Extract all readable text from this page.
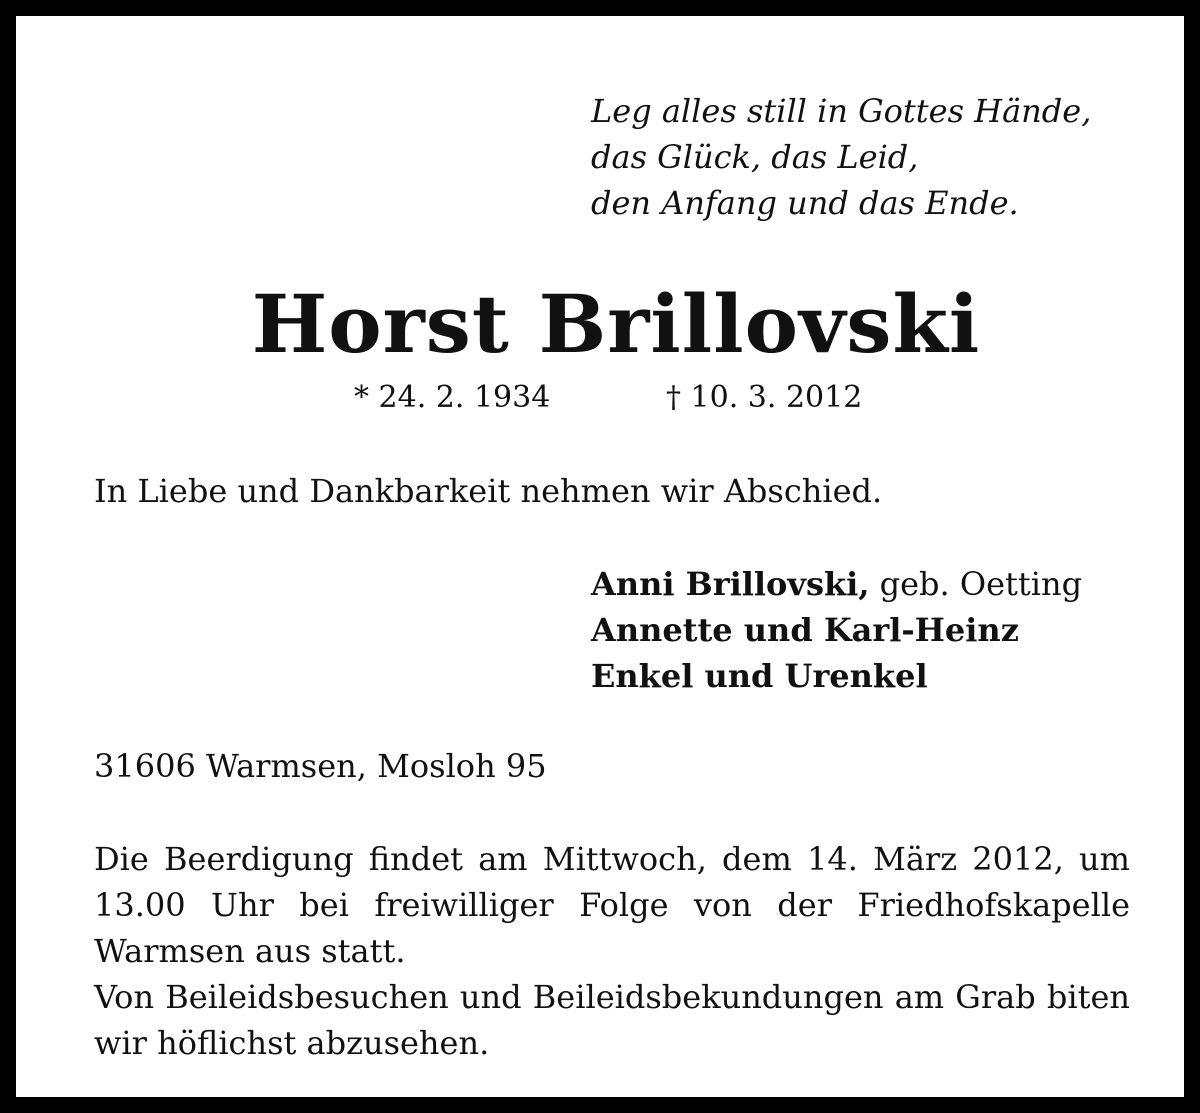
Leg alles still in Gottes Hände,
das Glück, das Leid,
den Anfang und das Ende.
Horst Brillovski
* 24. 2. 1934	† 10. 3. 2012

In Liebe und Dankbarkeit nehmen wir Abschied.

Anni Brillovski, geb. Oetting
Annette und Karl-Heinz
Enkel und Urenkel

31606 Warmsen, Mosloh 95

Die Beerdigung findet am Mittwoch, dem 14. März 2012, um 13.00 Uhr bei freiwilliger Folge von der Friedhofskapelle Warmsen aus statt.
Von Beileidsbesuchen und Beileidsbekundungen am Grab biten wir höflichst abzusehen.
